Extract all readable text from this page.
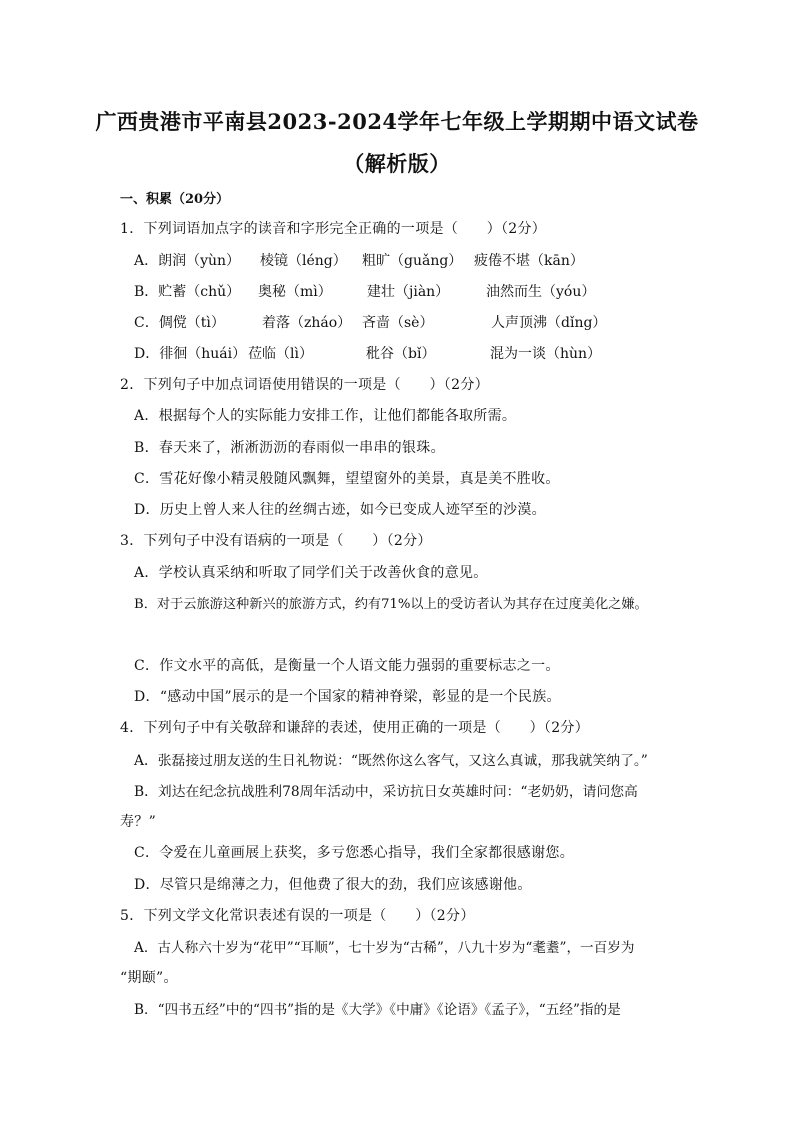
广西贵港市平南县2023-2024学年七年级上学期期中语文试卷
（解析版）
一、积累（20分）
1．下列词语加点字的读音和字形完全正确的一项是（　　）（2分）
A．朗润（yùn） 棱镜（léng） 粗旷（guǎng） 疲倦不堪（kān）
B．贮蓄（chǔ） 奥秘（mì）	建壮（jiàn）	油然而生（yóu）
C．倜傥（tì）	着落（zháo） 吝啬（sè）	人声顶沸（dǐng）
D．徘徊（huái） 莅临（lì）	秕谷（bǐ）	混为一谈（hùn）
2．下列句子中加点词语使用错误的一项是（　　）（2分）
A．根据每个人的实际能力安排工作，让他们都能各取所需。
B．春天来了，淅淅沥沥的春雨似一串串的银珠。
C．雪花好像小精灵般随风飘舞，望望窗外的美景，真是美不胜收。
D．历史上曾人来人往的丝绸古迹，如今已变成人迹罕至的沙漠。
3．下列句子中没有语病的一项是（　　）（2分）
A．学校认真采纳和听取了同学们关于改善伙食的意见。
B．对于云旅游这种新兴的旅游方式，约有71%以上的受访者认为其存在过度美化之嫌。
C．作文水平的高低，是衡量一个人语文能力强弱的重要标志之一。
D．“感动中国”展示的是一个国家的精神脊梁，彰显的是一个民族。
4．下列句子中有关敬辞和谦辞的表述，使用正确的一项是（　　）（2分）
A．张磊接过朋友送的生日礼物说：“既然你这么客气，又这么真诚，那我就笑纳了。”
B．刘达在纪念抗战胜利78周年活动中，采访抗日女英雄时问：“老奶奶，请问您高
寿？”
C．令爱在儿童画展上获奖，多亏您悉心指导，我们全家都很感谢您。
D．尽管只是绵薄之力，但他费了很大的劲，我们应该感谢他。
5．下列文学文化常识表述有误的一项是（　　）（2分）
A．古人称六十岁为“花甲”“耳顺”，七十岁为“古稀”，八九十岁为“耄耋”，一百岁为
“期颐”。
B．“四书五经”中的“四书”指的是《大学》《中庸》《论语》《孟子》，“五经”指的是
